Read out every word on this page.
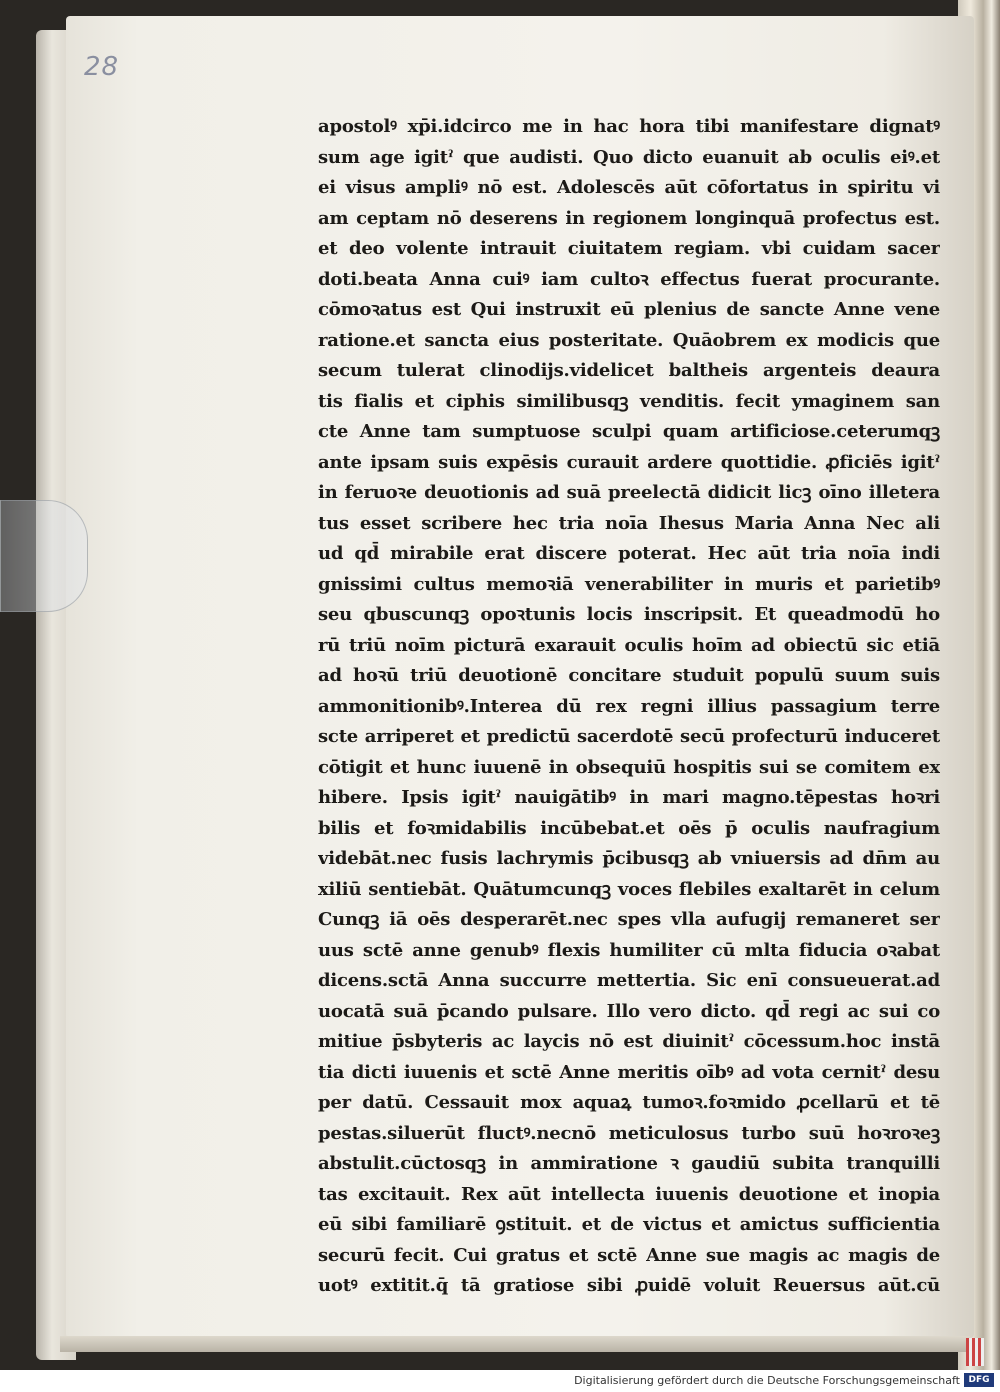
28
apostolꝰ xp̄i.idcirco me in hac hora tibi manifestare dignatꝰ
sum age igitˀ que audisti. Quo dicto euanuit ab oculis eiꝰ.et
ei visus ampliꝰ nō est. Adolescēs aūt cōfortatus in spiritu vi
am ceptam nō deserens in regionem longinquā profectus est.
et deo volente intrauit ciuitatem regiam. vbi cuidam sacer
doti.beata Anna cuiꝰ iam cultoꝛ effectus fuerat procurante.
cōmoꝛatus est Qui instruxit eū plenius de sancte Anne vene
ratione.et sancta eius posteritate. Quāobrem ex modicis que
secum tulerat clinodijs.videlicet baltheis argenteis deaura
tis fialis et ciphis similibusqꝫ venditis. fecit ymaginem san
cte Anne tam sumptuose sculpi quam artificiose.ceterumqꝫ
ante ipsam suis expēsis curauit ardere quottidie. ꝓficiēs igitˀ
in feruoꝛe deuotionis ad suā preelectā didicit licꝫ oīno illetera
tus esset scribere hec tria noīa Ihesus Maria Anna Nec ali
ud qd̄ mirabile erat discere poterat. Hec aūt tria noīa indi
gnissimi cultus memoꝛiā venerabiliter in muris et parietibꝰ
seu qbuscunqꝫ opoꝛtunis locis inscripsit. Et queadmodū ho
rū triū noīm picturā exarauit oculis hoīm ad obiectū sic etiā
ad hoꝛū triū deuotionē concitare studuit populū suum suis
ammonitionibꝰ.Interea dū rex regni illius passagium terre
scte arriperet et predictū sacerdotē secū profecturū induceret
cōtigit et hunc iuuenē in obsequiū hospitis sui se comitem ex
hibere. Ipsis igitˀ nauigātibꝰ in mari magno.tēpestas hoꝛri
bilis et foꝛmidabilis incūbebat.et oēs p̄ oculis naufragium
videbāt.nec fusis lachrymis p̄cibusqꝫ ab vniuersis ad dn̄m au
xiliū sentiebāt. Quātumcunqꝫ voces flebiles exaltarēt in celum
Cunqꝫ iā oēs desperarēt.nec spes vlla aufugij remaneret ser
uus sctē anne genubꝰ flexis humiliter cū mlta fiducia oꝛabat
dicens.sctā Anna succurre mettertia. Sic enī consueuerat.ad
uocatā suā p̄cando pulsare. Illo vero dicto. qd̄ regi ac sui co
mitiue p̄sbyteris ac laycis nō est diuinitˀ cōcessum.hoc instā
tia dicti iuuenis et sctē Anne meritis oībꝰ ad vota cernitˀ desu
per datū. Cessauit mox aquaꝝ tumoꝛ.foꝛmido ꝓcellarū et tē
pestas.siluerūt fluctꝰ.necnō meticulosus turbo suū hoꝛroꝛeꝫ
abstulit.cūctosqꝫ in ammiratione ꝛ gaudiū subita tranquilli
tas excitauit. Rex aūt intellecta iuuenis deuotione et inopia
eū sibi familiarē ꝯstituit. et de victus et amictus sufficientia
securū fecit. Cui gratus et sctē Anne sue magis ac magis de
uotꝰ extitit.q̄ tā gratiose sibi ꝓuidē voluit Reuersus aūt.cū
Digitalisierung gefördert durch die Deutsche Forschungsgemeinschaft DFG
